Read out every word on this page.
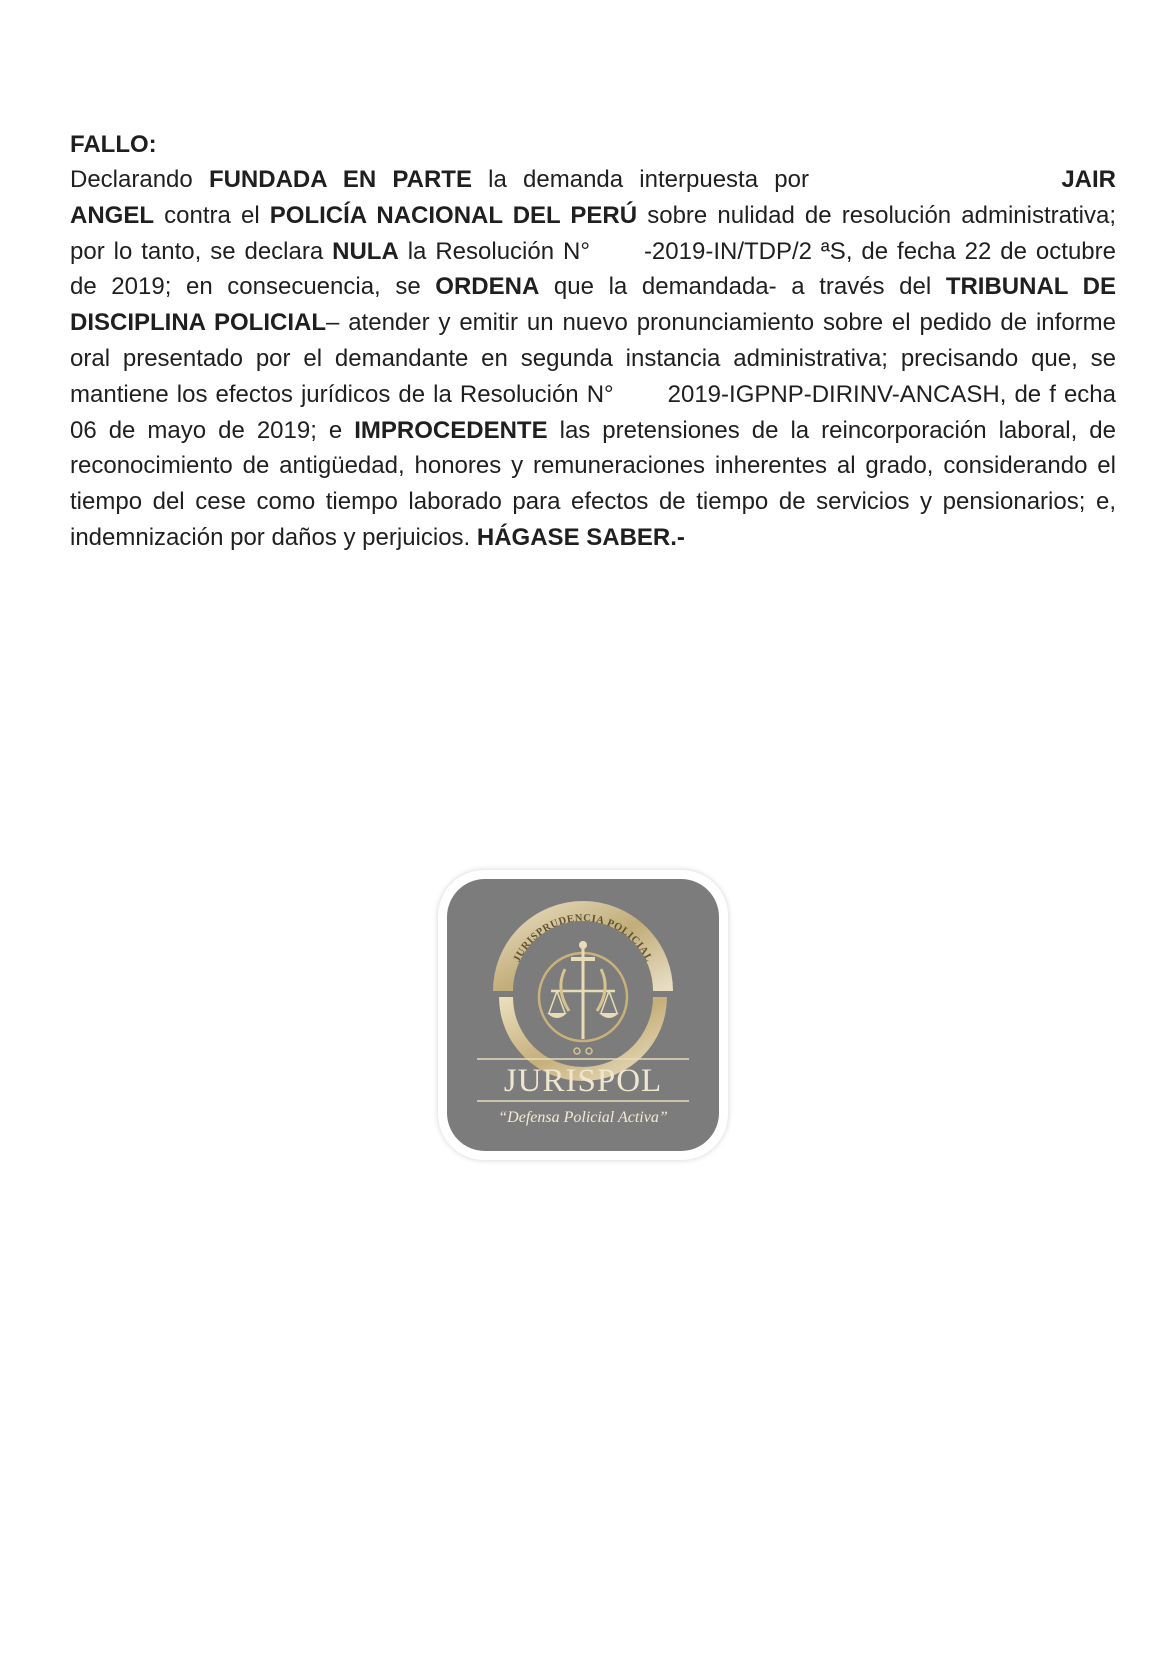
FALLO:

Declarando FUNDADA EN PARTE la demanda interpuesta por	JAIR ANGEL contra el POLICÍA NACIONAL DEL PERÚ sobre nulidad de resolución administrativa; por lo tanto, se declara NULA la Resolución N° -2019-IN/TDP/2 ªS, de fecha 22 de octubre de 2019; en consecuencia, se ORDENA que la demandada- a través del TRIBUNAL DE DISCIPLINA POLICIAL– atender y emitir un nuevo pronunciamiento sobre el pedido de informe oral presentado por el demandante en segunda instancia administrativa; precisando que, se mantiene los efectos jurídicos de la Resolución N° 2019-IGPNP-DIRINV-ANCASH, de f echa 06 de mayo de 2019; e IMPROCEDENTE las pretensiones de la reincorporación laboral, de reconocimiento de antigüedad, honores y remuneraciones inherentes al grado, considerando el tiempo del cese como tiempo laborado para efectos de tiempo de servicios y pensionarios; e, indemnización por daños y perjuicios. HÁGASE SABER.-

JURISPRUDENCIA POLICIAL
JURISPOL
“Defensa Policial Activa”
